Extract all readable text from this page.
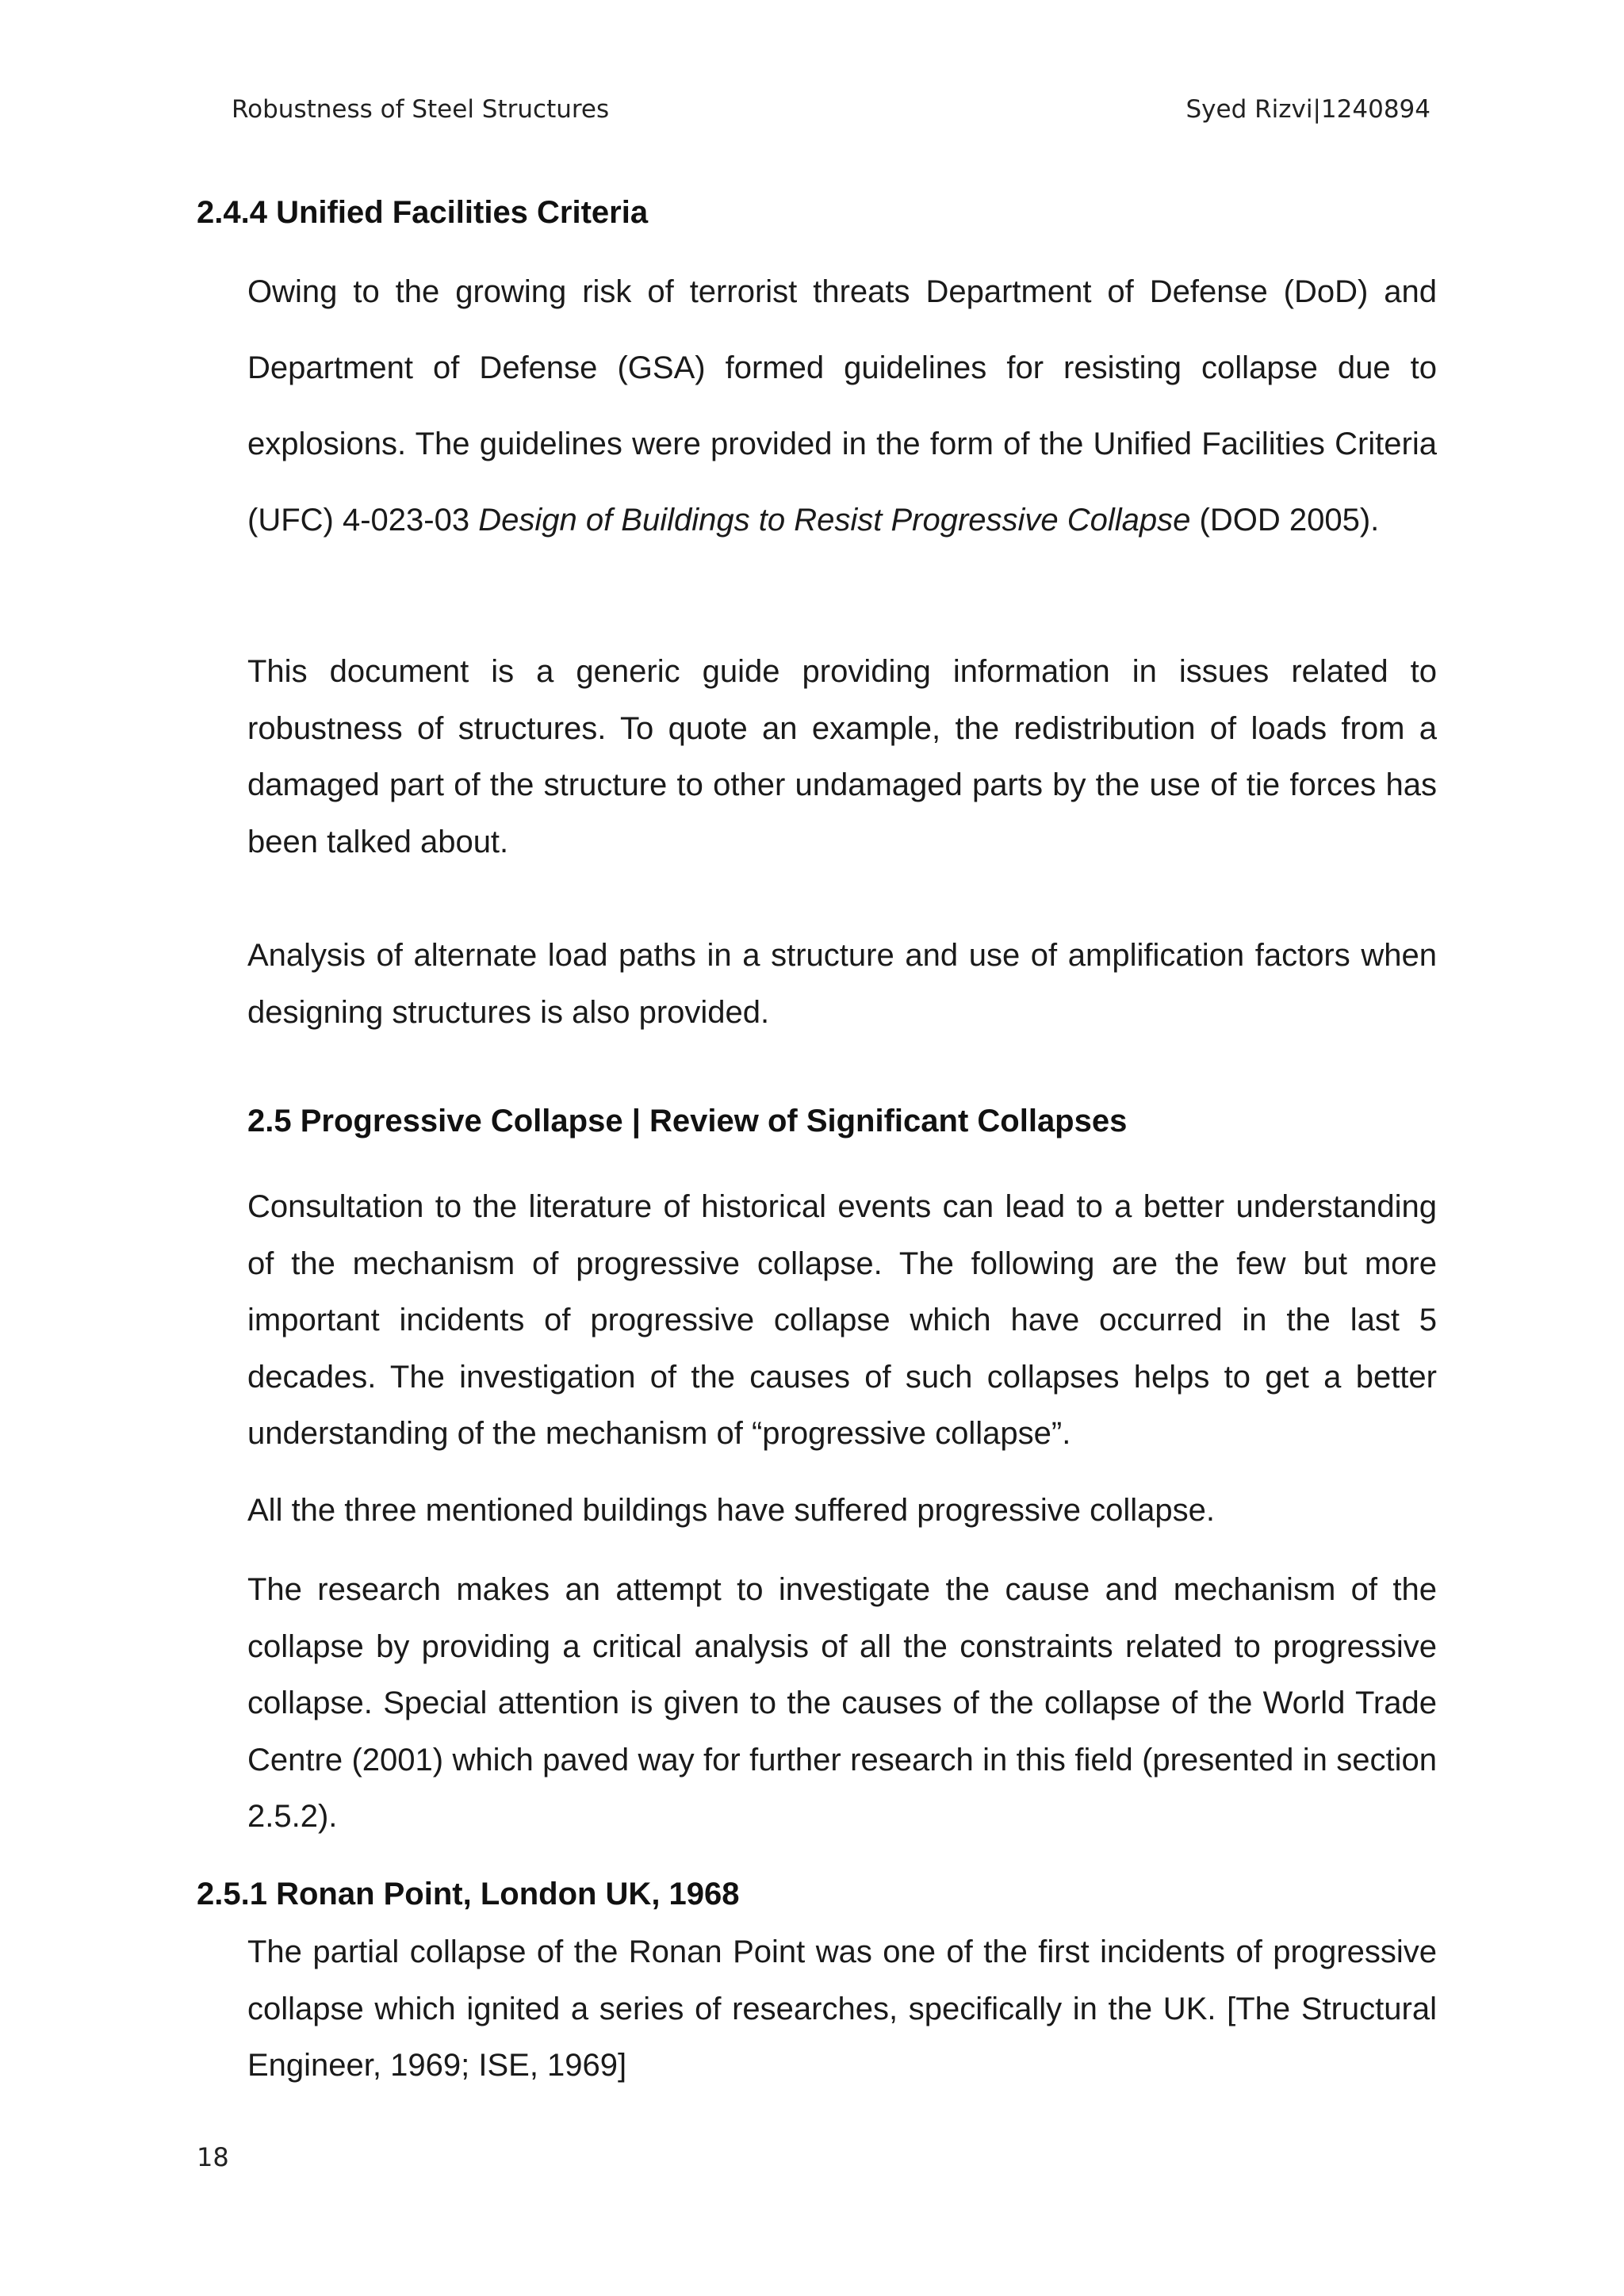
Robustness of Steel Structures	Syed Rizvi|1240894
2.4.4 Unified Facilities Criteria

Owing to the growing risk of terrorist threats Department of Defense (DoD) and Department of Defense (GSA) formed guidelines for resisting collapse due to explosions. The guidelines were provided in the form of the Unified Facilities Criteria (UFC) 4-023-03 Design of Buildings to Resist Progressive Collapse (DOD 2005).

This document is a generic guide providing information in issues related to robustness of structures. To quote an example, the redistribution of loads from a damaged part of the structure to other undamaged parts by the use of tie forces has been talked about.

Analysis of alternate load paths in a structure and use of amplification factors when designing structures is also provided.

2.5 Progressive Collapse | Review of Significant Collapses

Consultation to the literature of historical events can lead to a better understanding of the mechanism of progressive collapse. The following are the few but more important incidents of progressive collapse which have occurred in the last 5 decades. The investigation of the causes of such collapses helps to get a better understanding of the mechanism of “progressive collapse”.

All the three mentioned buildings have suffered progressive collapse.

The research makes an attempt to investigate the cause and mechanism of the collapse by providing a critical analysis of all the constraints related to progressive collapse. Special attention is given to the causes of the collapse of the World Trade Centre (2001) which paved way for further research in this field (presented in section 2.5.2).

2.5.1 Ronan Point, London UK, 1968

The partial collapse of the Ronan Point was one of the first incidents of progressive collapse which ignited a series of researches, specifically in the UK. [The Structural Engineer, 1969; ISE, 1969]

18
